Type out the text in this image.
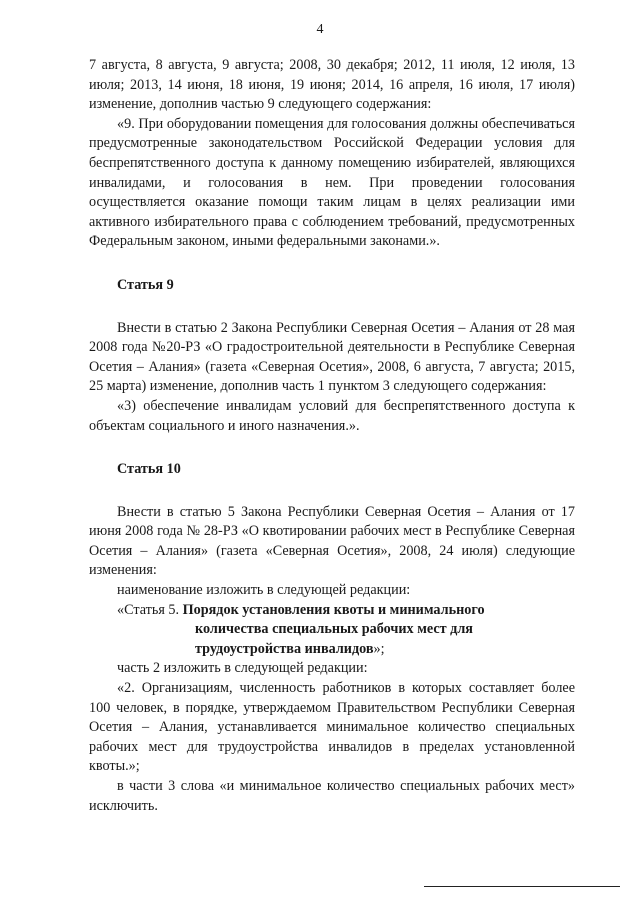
4

7 августа, 8 августа, 9 августа; 2008, 30 декабря; 2012, 11 июля, 12 июля, 13 июля; 2013, 14 июня, 18 июня, 19 июня; 2014, 16 апреля, 16 июля, 17 июля) изменение, дополнив частью 9 следующего содержания:

«9. При оборудовании помещения для голосования должны обеспечиваться предусмотренные законодательством Российской Федерации условия для беспрепятственного доступа к данному помещению избирателей, являющихся инвалидами, и голосования в нем. При проведении голосования осуществляется оказание помощи таким лицам в целях реализации ими активного избирательного права с соблюдением требований, предусмотренных Федеральным законом, иными федеральными законами.».

Статья 9

Внести в статью 2 Закона Республики Северная Осетия – Алания от 28 мая 2008 года №20-РЗ «О градостроительной деятельности в Республике Северная Осетия – Алания» (газета «Северная Осетия», 2008, 6 августа, 7 августа; 2015, 25 марта) изменение, дополнив часть 1 пунктом 3 следующего содержания:

«3) обеспечение инвалидам условий для беспрепятственного доступа к объектам социального и иного назначения.».

Статья 10

Внести в статью 5 Закона Республики Северная Осетия – Алания от 17 июня 2008 года № 28-РЗ «О квотировании рабочих мест в Республике Северная Осетия – Алания» (газета «Северная Осетия», 2008, 24 июля) следующие изменения:

наименование изложить в следующей редакции:

«Статья 5. Порядок установления квоты и минимального

количества специальных рабочих мест для

трудоустройства инвалидов»;

часть 2 изложить в следующей редакции:

«2. Организациям, численность работников в которых составляет более 100 человек, в порядке, утверждаемом Правительством Республики Северная Осетия – Алания, устанавливается минимальное количество специальных рабочих мест для трудоустройства инвалидов в пределах установленной квоты.»;

в части 3 слова «и минимальное количество специальных рабочих мест» исключить.
